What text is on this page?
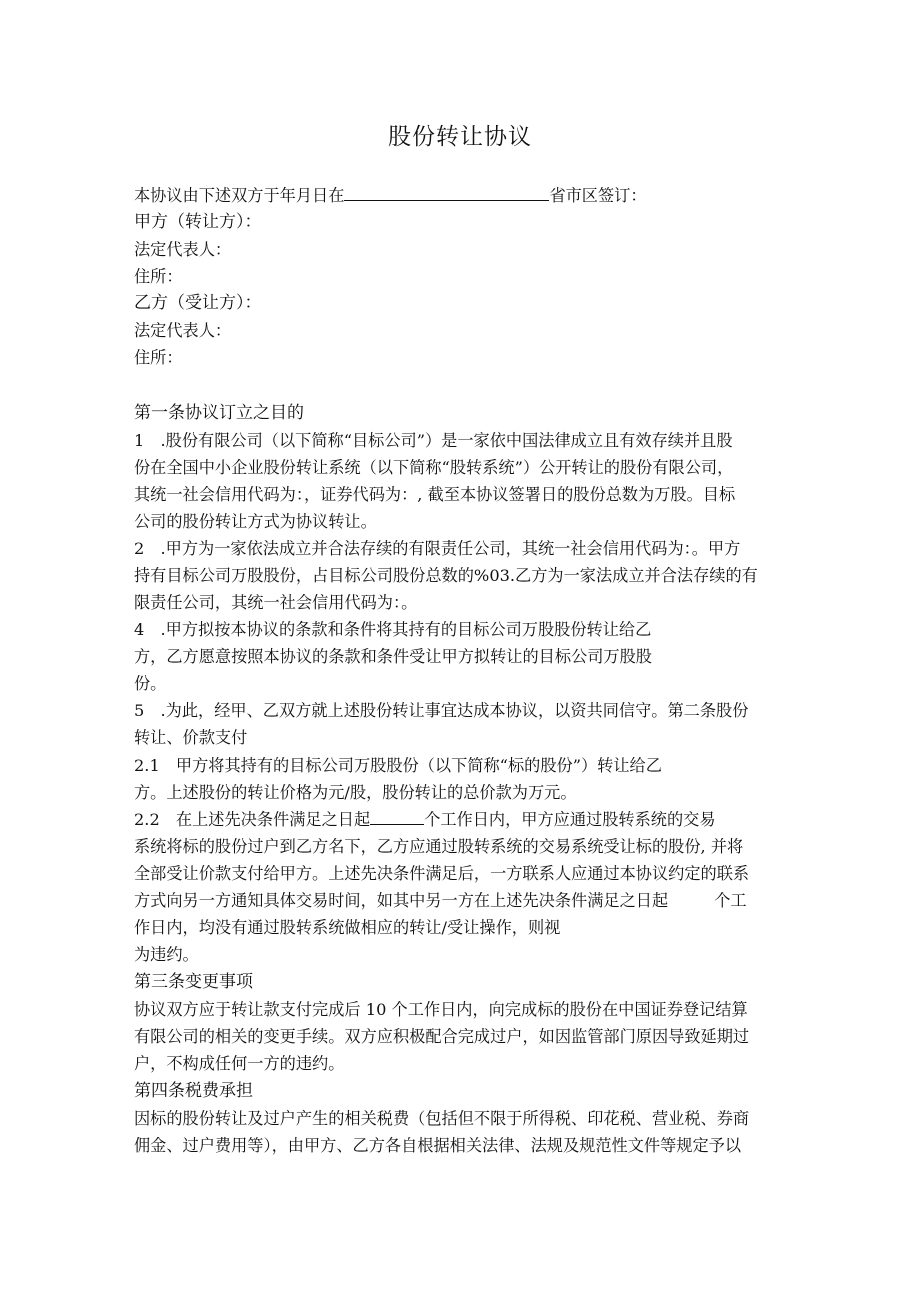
股份转让协议
本协议由下述双方于年月日在	省市区签订：
甲方（转让方）：
法定代表人：
住所：
乙方（受让方）：
法定代表人：
住所：
第一条协议订立之目的
1　.股份有限公司（以下简称“目标公司”）是一家依中国法律成立且有效存续并且股
份在全国中小企业股份转让系统（以下简称“股转系统”）公开转让的股份有限公司，
其统一社会信用代码为：，证券代码为：, 截至本协议签署日的股份总数为万股。目标
公司的股份转让方式为协议转让。
2　.甲方为一家依法成立并合法存续的有限责任公司，其统一社会信用代码为：。甲方
持有目标公司万股股份，占目标公司股份总数的%03.乙方为一家法成立并合法存续的有
限责任公司，其统一社会信用代码为：。
4　.甲方拟按本协议的条款和条件将其持有的目标公司万股股份转让给乙
方，乙方愿意按照本协议的条款和条件受让甲方拟转让的目标公司万股股
份。
5　.为此，经甲、乙双方就上述股份转让事宜达成本协议，以资共同信守。第二条股份
转让、价款支付
2.1　甲方将其持有的目标公司万股股份（以下简称“标的股份”）转让给乙
方。上述股份的转让价格为元/股，股份转让的总价款为万元。
2.2　在上述先决条件满足之日起	个工作日内，甲方应通过股转系统的交易
系统将标的股份过户到乙方名下，乙方应通过股转系统的交易系统受让标的股份, 并将
全部受让价款支付给甲方。上述先决条件满足后，一方联系人应通过本协议约定的联系
方式向另一方通知具体交易时间，如其中另一方在上述先决条件满足之日起	个工
作日内，均没有通过股转系统做相应的转让/受让操作，则视
为违约。
第三条变更事项
协议双方应于转让款支付完成后 10 个工作日内，向完成标的股份在中国证券登记结算
有限公司的相关的变更手续。双方应积极配合完成过户，如因监管部门原因导致延期过
户，不构成任何一方的违约。
第四条税费承担
因标的股份转让及过户产生的相关税费（包括但不限于所得税、印花税、营业税、券商
佣金、过户费用等），由甲方、乙方各自根据相关法律、法规及规范性文件等规定予以
